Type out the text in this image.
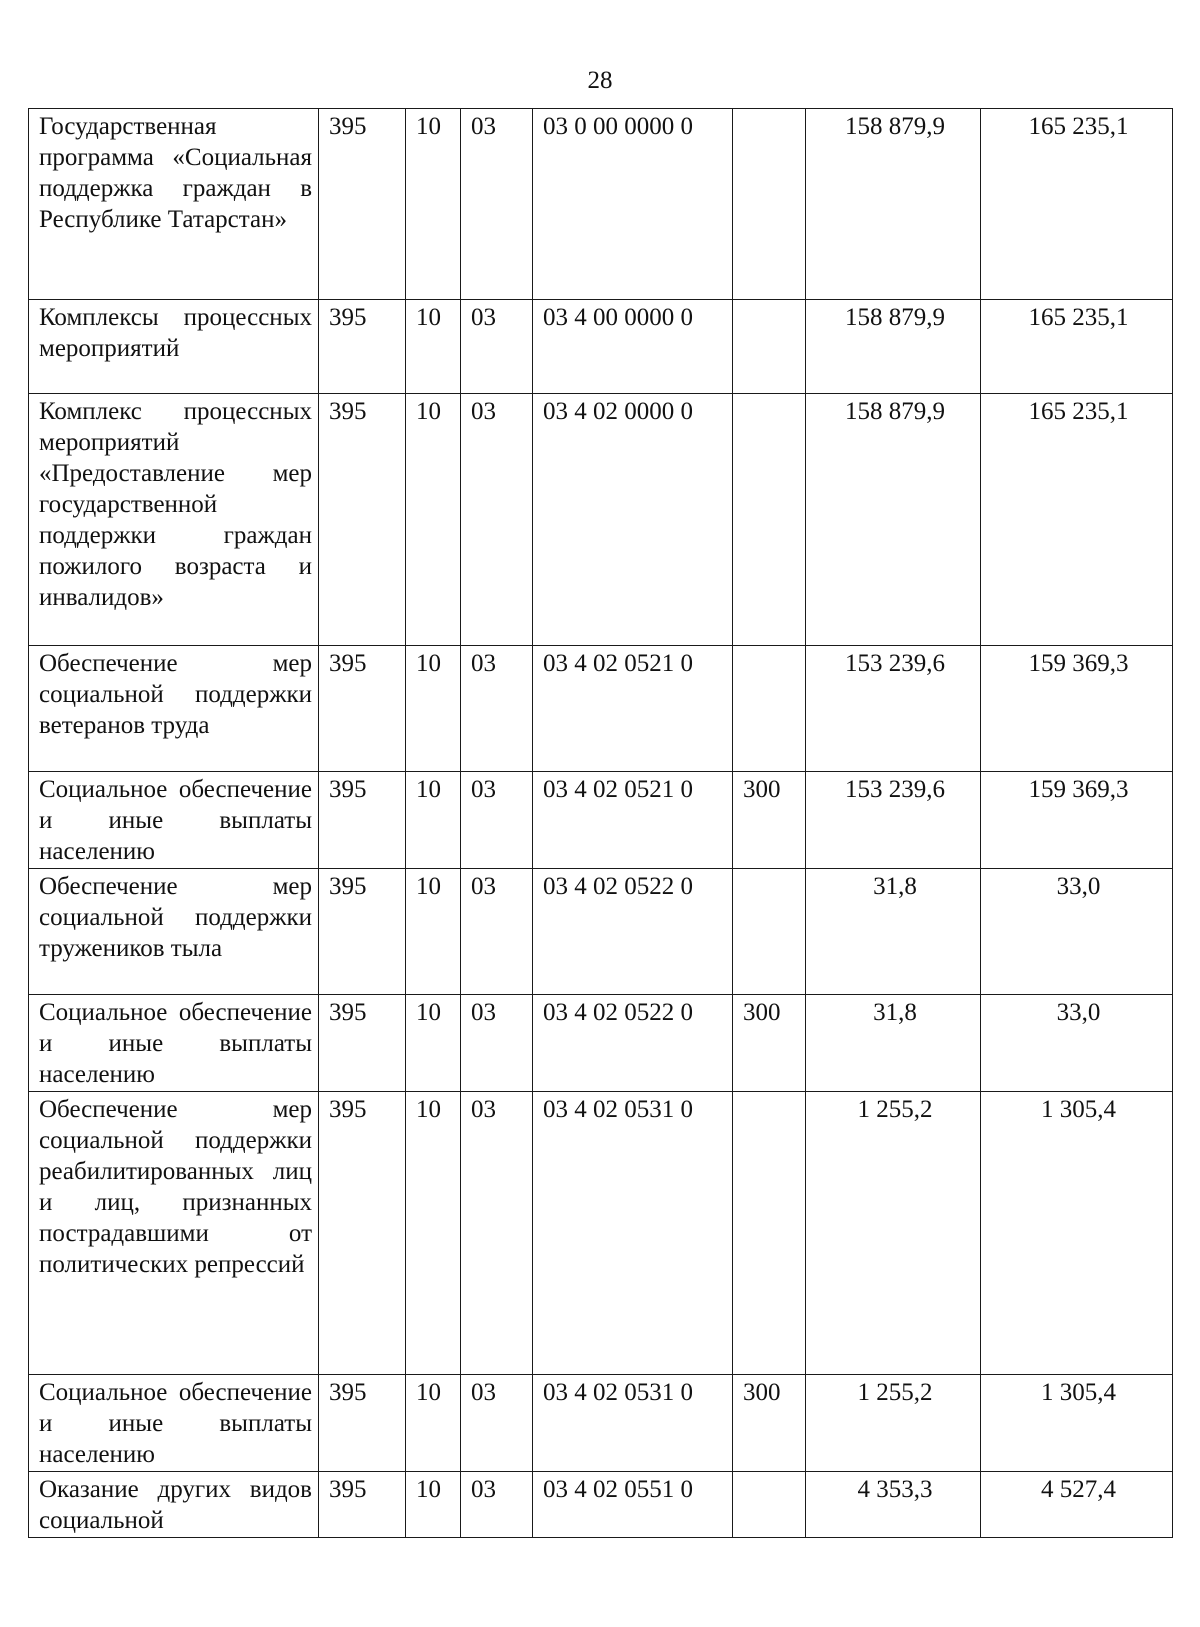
28
Государственная программа «Социальная поддержка граждан в Республике Татарстан»	395	10	03	03 0 00 0000 0		158 879,9	165 235,1
Комплексы процессных мероприятий	395	10	03	03 4 00 0000 0		158 879,9	165 235,1
Комплекс процессных мероприятий «Предоставление мер государственной поддержки граждан пожилого возраста и инвалидов»	395	10	03	03 4 02 0000 0		158 879,9	165 235,1
Обеспечение мер социальной поддержки ветеранов труда	395	10	03	03 4 02 0521 0		153 239,6	159 369,3
Социальное обеспечение и иные выплаты населению	395	10	03	03 4 02 0521 0	300	153 239,6	159 369,3
Обеспечение мер социальной поддержки тружеников тыла	395	10	03	03 4 02 0522 0		31,8	33,0
Социальное обеспечение и иные выплаты населению	395	10	03	03 4 02 0522 0	300	31,8	33,0
Обеспечение мер социальной поддержки реабилитированных лиц и лиц, признанных пострадавшими от политических репрессий	395	10	03	03 4 02 0531 0		1 255,2	1 305,4
Социальное обеспечение и иные выплаты населению	395	10	03	03 4 02 0531 0	300	1 255,2	1 305,4
Оказание других видов социальной	395	10	03	03 4 02 0551 0		4 353,3	4 527,4
